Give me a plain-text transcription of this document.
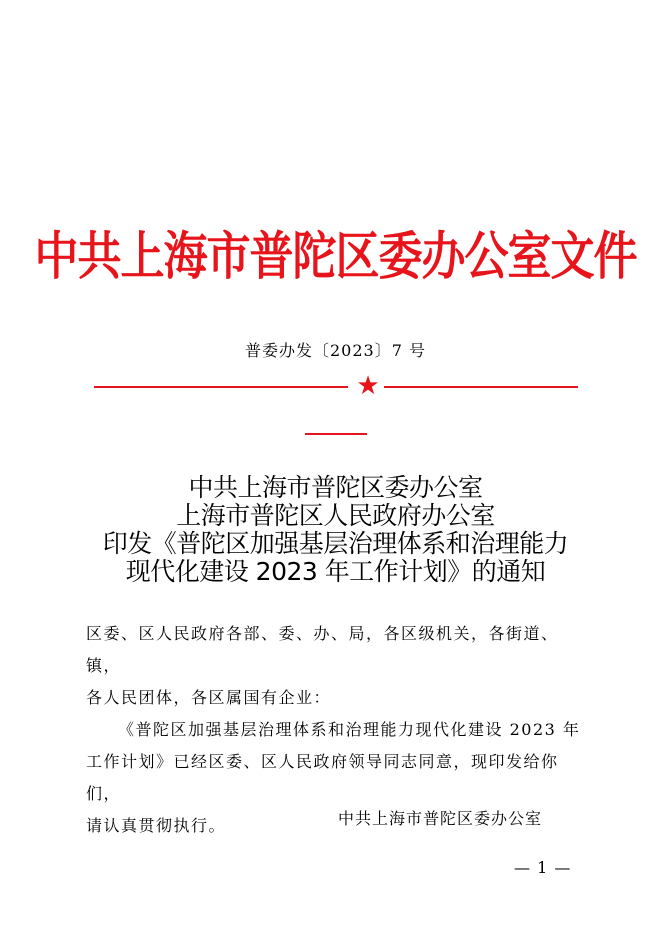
中共上海市普陀区委办公室文件
普委办发〔2023〕7 号
★
中共上海市普陀区委办公室
上海市普陀区人民政府办公室
印发《普陀区加强基层治理体系和治理能力
现代化建设 2023 年工作计划》的通知

区委、区人民政府各部、委、办、局，各区级机关，各街道、镇，

各人民团体，各区属国有企业：

《普陀区加强基层治理体系和治理能力现代化建设 2023 年

工作计划》已经区委、区人民政府领导同志同意，现印发给你们，

请认真贯彻执行。	中共上海市普陀区委办公室
— 1 —
